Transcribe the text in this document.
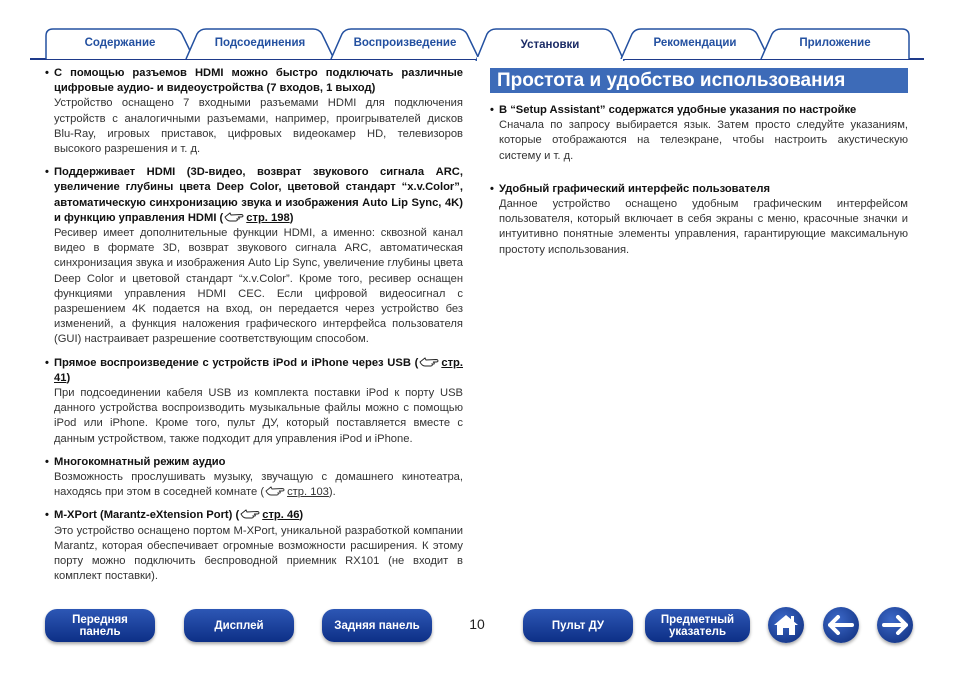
Содержание	Подсоединения	Воспроизведение	Установки	Рекомендации	Приложение
• С помощью разъемов HDMI можно быстро подключать различные цифровые аудио- и видеоустройства (7 входов, 1 выход)
Устройство оснащено 7 входными разъемами HDMI для подключения устройств с аналогичными разъемами, например, проигрывателей дисков Blu-Ray, игровых приставок, цифровых видеокамер HD, телевизоров высокого разрешения и т. д.
• Поддерживает HDMI (3D-видео, возврат звукового сигнала ARC, увеличение глубины цвета Deep Color, цветовой стандарт “x.v.Color”, автоматическую синхронизацию звука и изображения Auto Lip Sync, 4K) и функцию управления HDMI ( стр. 198)
Ресивер имеет дополнительные функции HDMI, а именно: сквозной канал видео в формате 3D, возврат звукового сигнала ARC, автоматическая синхронизация звука и изображения Auto Lip Sync, увеличение глубины цвета Deep Color и цветовой стандарт “x.v.Color”. Кроме того, ресивер оснащен функциями управления HDMI CEC. Если цифровой видеосигнал с разрешением 4K подается на вход, он передается через устройство без изменений, а функция наложения графического интерфейса пользователя (GUI) настраивает разрешение соответствующим способом.
• Прямое воспроизведение с устройств iPod и iPhone через USB ( стр. 41)
При подсоединении кабеля USB из комплекта поставки iPod к порту USB данного устройства воспроизводить музыкальные файлы можно с помощью iPod или iPhone. Кроме того, пульт ДУ, который поставляется вместе с данным устройством, также подходит для управления iPod и iPhone.
• Многокомнатный режим аудио
Возможность прослушивать музыку, звучащую с домашнего кинотеатра, находясь при этом в соседней комнате ( стр. 103).
• M-XPort (Marantz-eXtension Port) ( стр. 46)
Это устройство оснащено портом M-XPort, уникальной разработкой компании Marantz, которая обеспечивает огромные возможности расширения. К этому порту можно подключить беспроводной приемник RX101 (не входит в комплект поставки).
Простота и удобство использования
• В “Setup Assistant” содержатся удобные указания по настройке
Сначала по запросу выбирается язык. Затем просто следуйте указаниям, которые отображаются на телеэкране, чтобы настроить акустическую систему и т. д.
• Удобный графический интерфейс пользователя
Данное устройство оснащено удобным графическим интерфейсом пользователя, который включает в себя экраны с меню, красочные значки и интуитивно понятные элементы управления, гарантирующие максимальную простоту использования.
Передняя
панель	Дисплей	Задняя панель	10	Пульт ДУ	Предметный
указатель
